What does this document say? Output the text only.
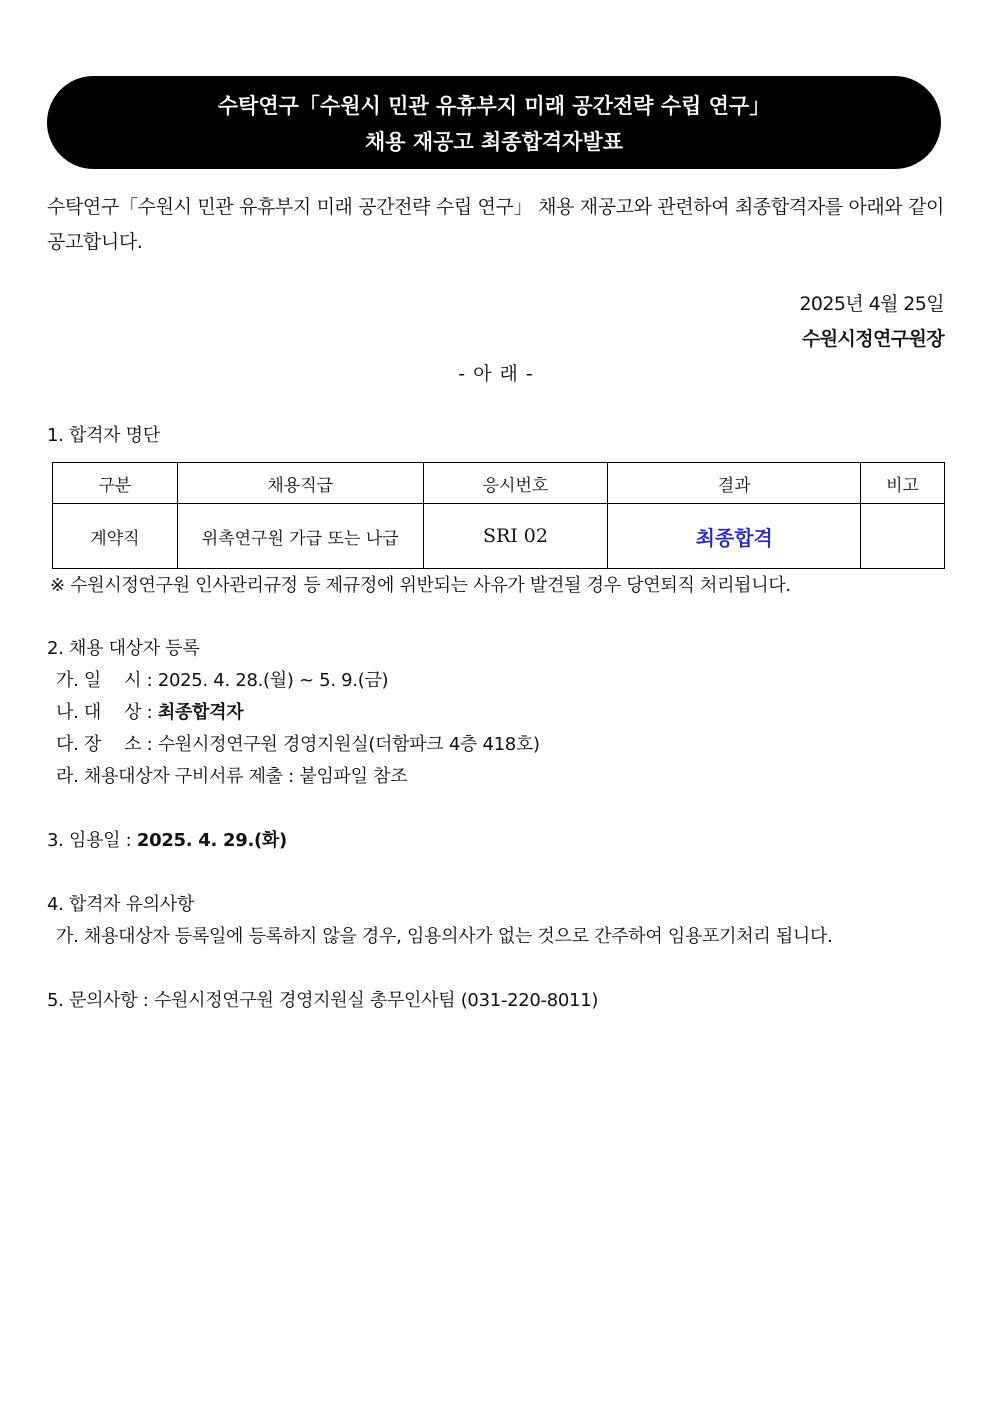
수탁연구「수원시 민관 유휴부지 미래 공간전략 수립 연구」
채용 재공고 최종합격자발표

수탁연구「수원시 민관 유휴부지 미래 공간전략 수립 연구」 채용 재공고와 관련하여 최종합격자를 아래와 같이 공고합니다.

2025년 4월 25일
수원시정연구원장
- 아 래 -
1. 합격자 명단
구분	채용직급	응시번호	결과	비고
계약직	위촉연구원 가급 또는 나급	SRI 02	최종합격	
※ 수원시정연구원 인사관리규정 등 제규정에 위반되는 사유가 발견될 경우 당연퇴직 처리됩니다.
2. 채용 대상자 등록
가. 일　 시 : 2025. 4. 28.(월) ~ 5. 9.(금)
나. 대　 상 : 최종합격자
다. 장　 소 : 수원시정연구원 경영지원실(더함파크 4층 418호)
라. 채용대상자 구비서류 제출 : 붙임파일 참조
3. 임용일 : 2025. 4. 29.(화)
4. 합격자 유의사항
가. 채용대상자 등록일에 등록하지 않을 경우, 임용의사가 없는 것으로 간주하여 임용포기처리 됩니다.
5. 문의사항 : 수원시정연구원 경영지원실 총무인사팀 (031-220-8011)
